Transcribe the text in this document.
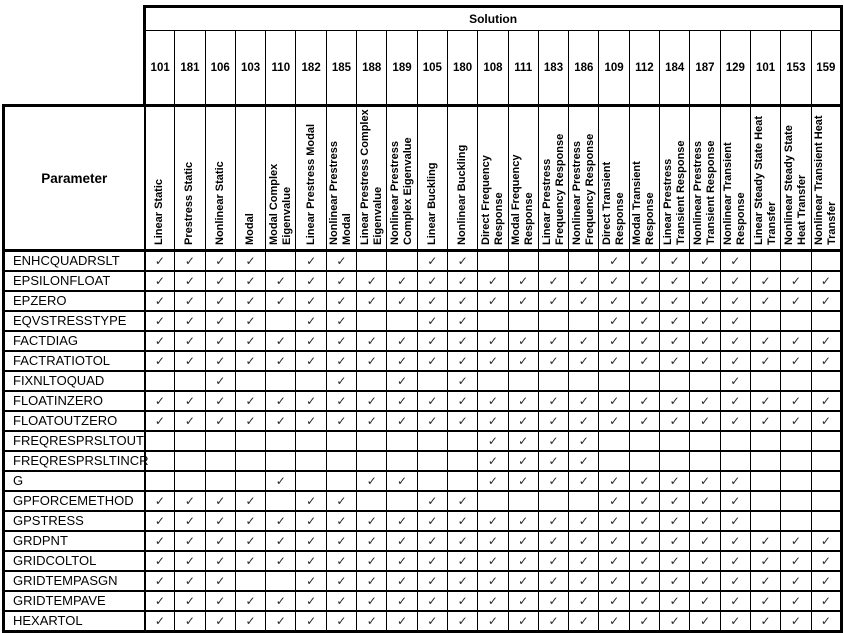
	Solution																						
	101	181	106	103	110	182	185	188	189	105	180	108	111	183	186	109	112	184	187	129	101	153	159
Parameter	Linear Static	Prestress Static	Nonlinear Static	Modal	Modal Complex Eigenvalue	Linear Prestress Modal	Nonlinear Prestress Modal	Linear Prestress Complex Eigenvalue	Nonlinear Prestress Complex Eigenvalue	Linear Buckling	Nonlinear Buckling	Direct Frequency Response	Modal Frequency Response	Linear Prestress Frequency Response	Nonlinear Prestress Frequency Response	Direct Transient Response	Modal Transient Response	Linear Prestress Transient Response	Nonlinear Prestress Transient Response	Nonlinear Transient Response	Linear Steady State Heat Transfer	Nonlinear Steady State Heat Transfer	Nonlinear Transient Heat Transfer
ENHCQUADRSLT	✓	✓	✓	✓		✓	✓			✓	✓					✓	✓	✓	✓	✓			
EPSILONFLOAT	✓	✓	✓	✓	✓	✓	✓	✓	✓	✓	✓	✓	✓	✓	✓	✓	✓	✓	✓	✓	✓	✓	✓
EPZERO	✓	✓	✓	✓	✓	✓	✓	✓	✓	✓	✓	✓	✓	✓	✓	✓	✓	✓	✓	✓	✓	✓	✓
EQVSTRESSTYPE	✓	✓	✓	✓		✓	✓			✓	✓					✓	✓	✓	✓	✓			
FACTDIAG	✓	✓	✓	✓	✓	✓	✓	✓	✓	✓	✓	✓	✓	✓	✓	✓	✓	✓	✓	✓	✓	✓	✓
FACTRATIOTOL	✓	✓	✓	✓	✓	✓	✓	✓	✓	✓	✓	✓	✓	✓	✓	✓	✓	✓	✓	✓	✓	✓	✓
FIXNLTOQUAD			✓				✓		✓		✓									✓			
FLOATINZERO	✓	✓	✓	✓	✓	✓	✓	✓	✓	✓	✓	✓	✓	✓	✓	✓	✓	✓	✓	✓	✓	✓	✓
FLOATOUTZERO	✓	✓	✓	✓	✓	✓	✓	✓	✓	✓	✓	✓	✓	✓	✓	✓	✓	✓	✓	✓	✓	✓	✓
FREQRESPRSLTOUT												✓	✓	✓	✓								
FREQRESPRSLTINCR												✓	✓	✓	✓								
G					✓			✓	✓			✓	✓	✓	✓	✓	✓	✓	✓	✓			
GPFORCEMETHOD	✓	✓	✓	✓		✓	✓			✓	✓					✓	✓	✓	✓	✓			
GPSTRESS	✓	✓	✓	✓	✓	✓	✓	✓	✓	✓	✓	✓	✓	✓	✓	✓	✓	✓	✓	✓			
GRDPNT	✓	✓	✓	✓	✓	✓	✓	✓	✓	✓	✓	✓	✓	✓	✓	✓	✓	✓	✓	✓	✓	✓	✓
GRIDCOLTOL	✓	✓	✓	✓	✓	✓	✓	✓	✓	✓	✓	✓	✓	✓	✓	✓	✓	✓	✓	✓	✓	✓	✓
GRIDTEMPASGN	✓	✓	✓			✓	✓	✓	✓	✓	✓	✓	✓	✓	✓	✓	✓	✓	✓	✓	✓	✓	✓
GRIDTEMPAVE	✓	✓	✓	✓	✓	✓	✓	✓	✓	✓	✓	✓	✓	✓	✓	✓	✓	✓	✓	✓	✓	✓	✓
HEXARTOL	✓	✓	✓	✓	✓	✓	✓	✓	✓	✓	✓	✓	✓	✓	✓	✓	✓	✓	✓	✓	✓	✓	✓
